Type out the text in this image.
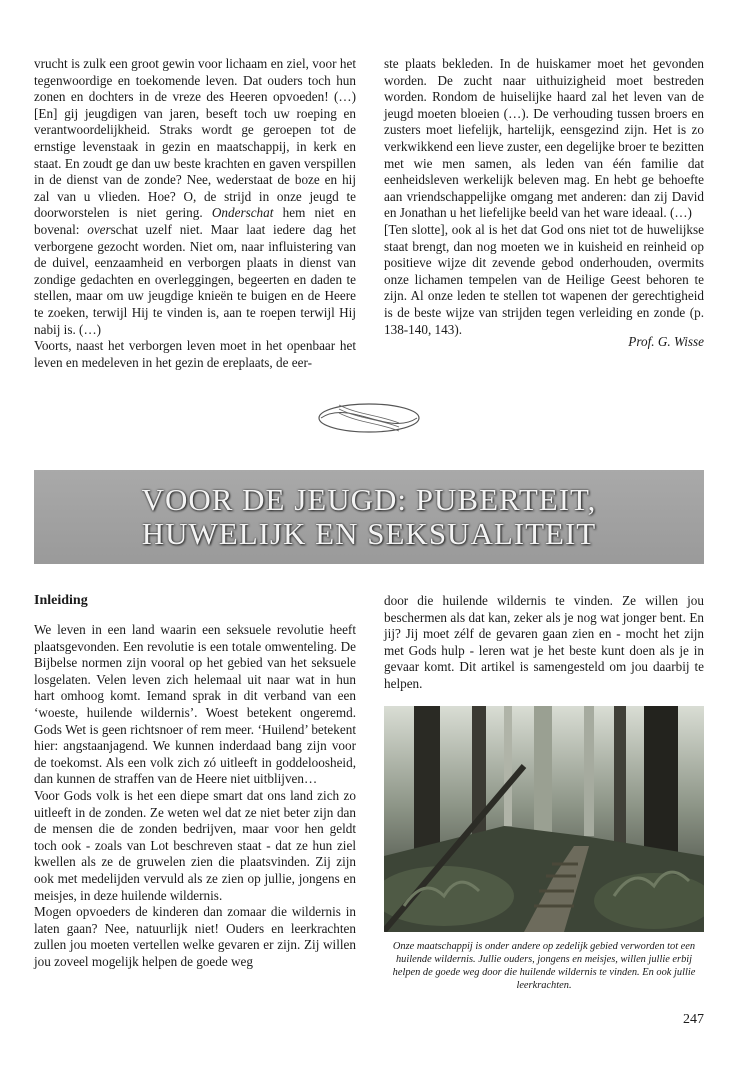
vrucht is zulk een groot gewin voor lichaam en ziel, voor het tegenwoordige en toekomende leven. Dat ouders toch hun zonen en dochters in de vreze des Heeren opvoeden! (…) [En] gij jeugdigen van jaren, beseft toch uw roeping en verantwoordelijkheid. Straks wordt ge geroepen tot de ernstige levenstaak in gezin en maatschappij, in kerk en staat. En zoudt ge dan uw beste krachten en gaven verspillen in de dienst van de zonde? Nee, wederstaat de boze en hij zal van u vlieden. Hoe? O, de strijd in onze jeugd te doorworstelen is niet gering. Onderschat hem niet en bovenal: overschat uzelf niet. Maar laat iedere dag het verborgene gezocht worden. Niet om, naar influistering van de duivel, eenzaamheid en verborgen plaats in dienst van zondige gedachten en overleggingen, begeerten en daden te stellen, maar om uw jeugdige knieën te buigen en de Heere te zoeken, terwijl Hij te vinden is, aan te roepen terwijl Hij nabij is. (…)

Voorts, naast het verborgen leven moet in het openbaar het leven en medeleven in het gezin de ereplaats, de eer-

ste plaats bekleden. In de huiskamer moet het gevonden worden. De zucht naar uithuizigheid moet bestreden worden. Rondom de huiselijke haard zal het leven van de jeugd moeten bloeien (…). De verhouding tussen broers en zusters moet liefelijk, hartelijk, eensgezind zijn. Het is zo verkwikkend een lieve zuster, een degelijke broer te bezitten met wie men samen, als leden van één familie dat eenheidsleven werkelijk beleven mag. En hebt ge behoefte aan vriendschappelijke omgang met anderen: dan zij David en Jonathan u het liefelijke beeld van het ware ideaal. (…)

[Ten slotte], ook al is het dat God ons niet tot de huwelijkse staat brengt, dan nog moeten we in kuisheid en reinheid op positieve wijze dit zevende gebod onderhouden, overmits onze lichamen tempelen van de Heilige Geest behoren te zijn. Al onze leden te stellen tot wapenen der gerechtigheid is de beste wijze van strijden tegen verleiding en zonde (p. 138-140, 143).

Prof. G. Wisse
VOOR DE JEUGD: PUBERTEIT,
HUWELIJK EN SEKSUALITEIT
Inleiding

We leven in een land waarin een seksuele revolutie heeft plaatsgevonden. Een revolutie is een totale omwenteling. De Bijbelse normen zijn vooral op het gebied van het seksuele losgelaten. Velen leven zich helemaal uit naar wat in hun hart omhoog komt. Iemand sprak in dit verband van een ‘woeste, huilende wildernis’. Woest betekent ongeremd. Gods Wet is geen richtsnoer of rem meer. ‘Huilend’ betekent hier: angstaanjagend. We kunnen inderdaad bang zijn voor de toekomst. Als een volk zich zó uitleeft in goddeloosheid, dan kunnen de straffen van de Heere niet uitblijven…

Voor Gods volk is het een diepe smart dat ons land zich zo uitleeft in de zonden. Ze weten wel dat ze niet beter zijn dan de mensen die de zonden bedrijven, maar voor hen geldt toch ook - zoals van Lot beschreven staat - dat ze hun ziel kwellen als ze de gruwelen zien die plaatsvinden. Zij zijn ook met medelijden vervuld als ze zien op jullie, jongens en meisjes, in deze huilende wildernis.

Mogen opvoeders de kinderen dan zomaar die wildernis in laten gaan? Nee, natuurlijk niet! Ouders en leerkrachten zullen jou moeten vertellen welke gevaren er zijn. Zij willen jou zoveel mogelijk helpen de goede weg

door die huilende wildernis te vinden. Ze willen jou beschermen als dat kan, zeker als je nog wat jonger bent. En jij? Jij moet zélf de gevaren gaan zien en - mocht het zijn met Gods hulp - leren wat je het beste kunt doen als je in gevaar komt. Dit artikel is samengesteld om jou daarbij te helpen.

Onze maatschappij is onder andere op zedelijk gebied verworden tot een huilende wildernis. Jullie ouders, jongens en meisjes, willen jullie erbij helpen de goede weg door die huilende wildernis te vinden. En ook jullie leerkrachten.
247
